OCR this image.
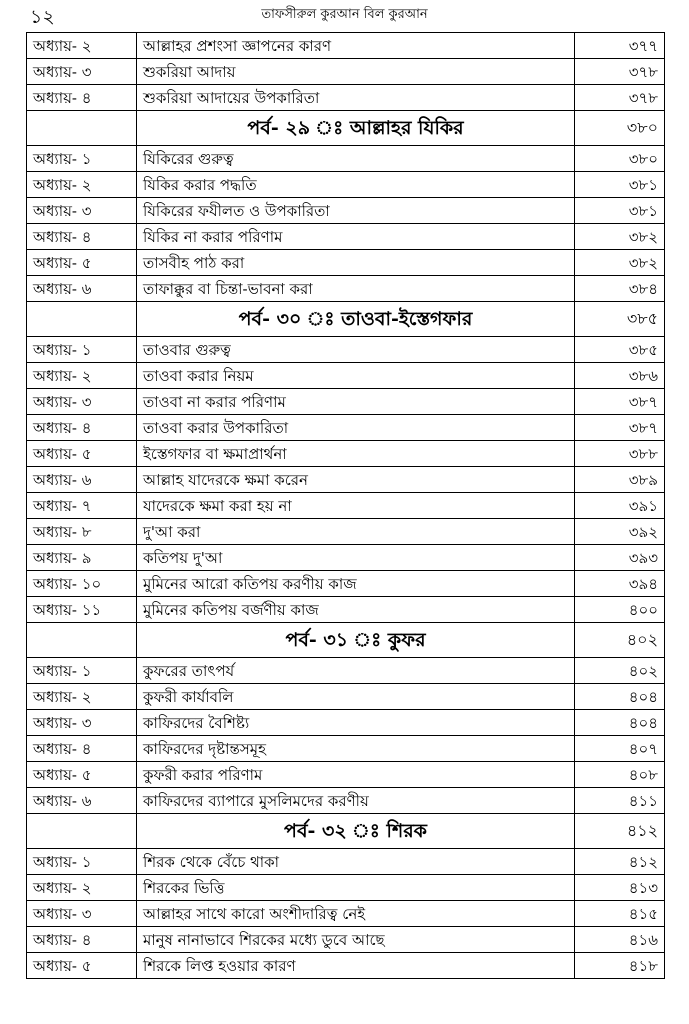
১২	তাফসীরুল কুরআন বিল কুরআন
অধ্যায়- ২	আল্লাহর প্রশংসা জ্ঞাপনের কারণ	৩৭৭
অধ্যায়- ৩	শুকরিয়া আদায়	৩৭৮
অধ্যায়- ৪	শুকরিয়া আদায়ের উপকারিতা	৩৭৮
	পর্ব- ২৯ ঃ আল্লাহর যিকির	৩৮০
অধ্যায়- ১	যিকিরের গুরুত্ব	৩৮০
অধ্যায়- ২	যিকির করার পদ্ধতি	৩৮১
অধ্যায়- ৩	যিকিরের ফযীলত ও উপকারিতা	৩৮১
অধ্যায়- ৪	যিকির না করার পরিণাম	৩৮২
অধ্যায়- ৫	তাসবীহ পাঠ করা	৩৮২
অধ্যায়- ৬	তাফাক্কুর বা চিন্তা-ভাবনা করা	৩৮৪
	পর্ব- ৩০ ঃ তাওবা-ইস্তেগফার	৩৮৫
অধ্যায়- ১	তাওবার গুরুত্ব	৩৮৫
অধ্যায়- ২	তাওবা করার নিয়ম	৩৮৬
অধ্যায়- ৩	তাওবা না করার পরিণাম	৩৮৭
অধ্যায়- ৪	তাওবা করার উপকারিতা	৩৮৭
অধ্যায়- ৫	ইস্তেগফার বা ক্ষমাপ্রার্থনা	৩৮৮
অধ্যায়- ৬	আল্লাহ যাদেরকে ক্ষমা করেন	৩৮৯
অধ্যায়- ৭	যাদেরকে ক্ষমা করা হয় না	৩৯১
অধ্যায়- ৮	দু'আ করা	৩৯২
অধ্যায়- ৯	কতিপয় দু'আ	৩৯৩
অধ্যায়- ১০	মুমিনের আরো কতিপয় করণীয় কাজ	৩৯৪
অধ্যায়- ১১	মুমিনের কতিপয় বর্জণীয় কাজ	৪০০
	পর্ব- ৩১ ঃ কুফর	৪০২
অধ্যায়- ১	কুফরের তাৎপর্য	৪০২
অধ্যায়- ২	কুফরী কার্যাবলি	৪০৪
অধ্যায়- ৩	কাফিরদের বৈশিষ্ট্য	৪০৪
অধ্যায়- ৪	কাফিরদের দৃষ্টান্তসমূহ	৪০৭
অধ্যায়- ৫	কুফরী করার পরিণাম	৪০৮
অধ্যায়- ৬	কাফিরদের ব্যাপারে মুসলিমদের করণীয়	৪১১
	পর্ব- ৩২ ঃ শিরক	৪১২
অধ্যায়- ১	শিরক থেকে বেঁচে থাকা	৪১২
অধ্যায়- ২	শিরকের ভিত্তি	৪১৩
অধ্যায়- ৩	আল্লাহর সাথে কারো অংশীদারিত্ব নেই	৪১৫
অধ্যায়- ৪	মানুষ নানাভাবে শিরকের মধ্যে ডুবে আছে	৪১৬
অধ্যায়- ৫	শিরকে লিপ্ত হওয়ার কারণ	৪১৮
